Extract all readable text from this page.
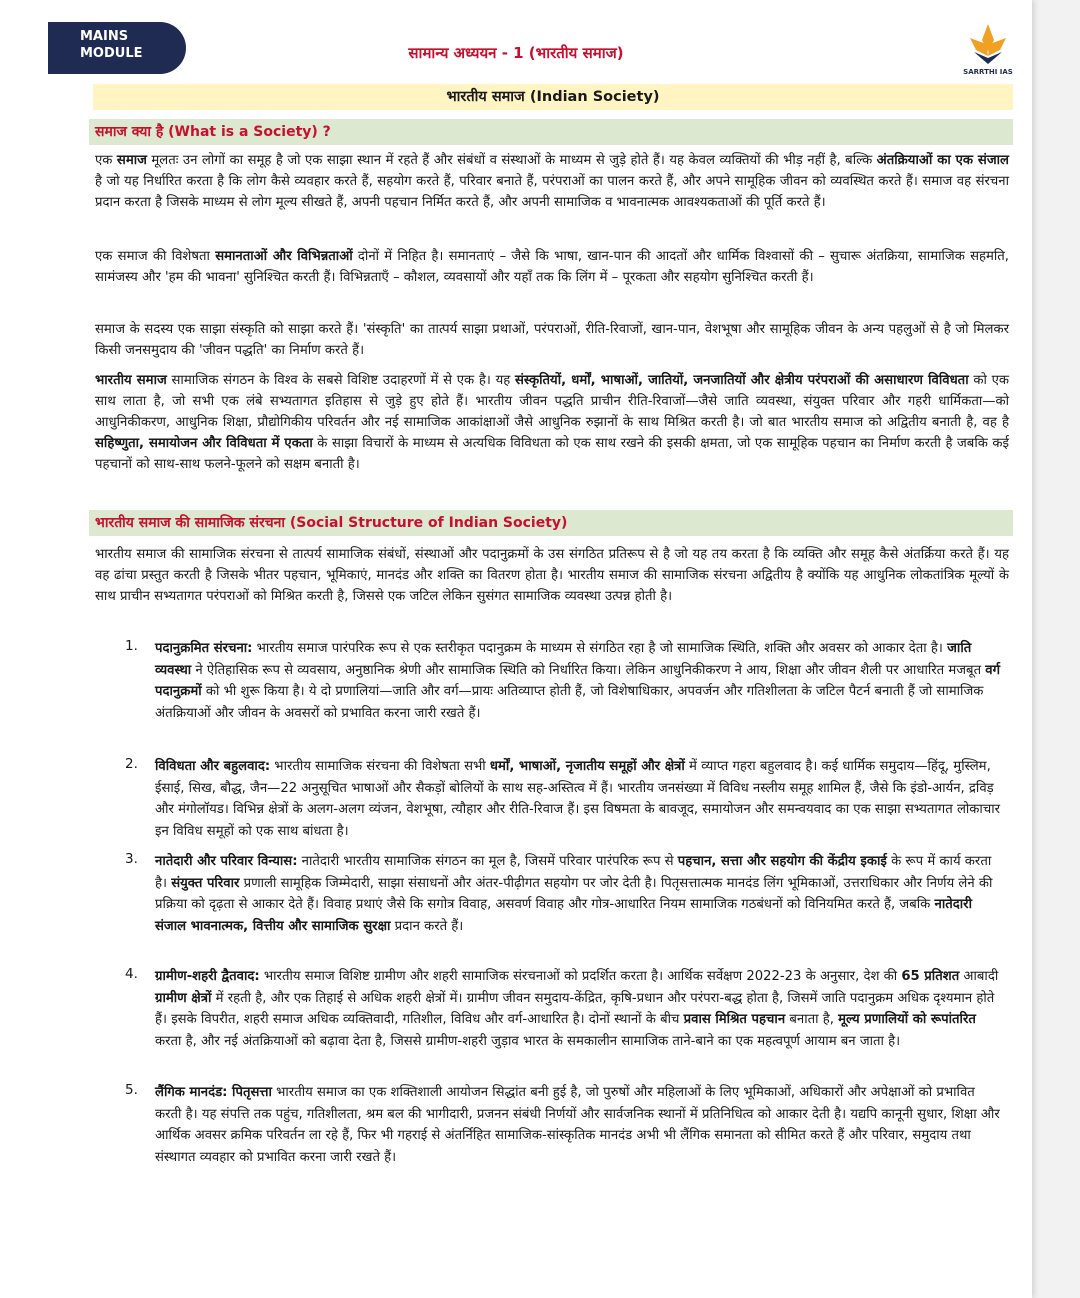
MAINS
MODULE	सामान्य अध्ययन - 1 (भारतीय समाज)
SARRTHI IAS
भारतीय समाज (Indian Society)
समाज क्या है (What is a Society) ?

एक समाज मूलतः उन लोगों का समूह है जो एक साझा स्थान में रहते हैं और संबंधों व संस्थाओं के माध्यम से जुड़े होते हैं। यह केवल व्यक्तियों की भीड़ नहीं है, बल्कि अंतक्रियाओं का एक संजाल है जो यह निर्धारित करता है कि लोग कैसे व्यवहार करते हैं, सहयोग करते हैं, परिवार बनाते हैं, परंपराओं का पालन करते हैं, और अपने सामूहिक जीवन को व्यवस्थित करते हैं। समाज वह संरचना प्रदान करता है जिसके माध्यम से लोग मूल्य सीखते हैं, अपनी पहचान निर्मित करते हैं, और अपनी सामाजिक व भावनात्मक आवश्यकताओं की पूर्ति करते हैं।

एक समाज की विशेषता समानताओं और विभिन्नताओं दोनों में निहित है। समानताएं – जैसे कि भाषा, खान-पान की आदतों और धार्मिक विश्वासों की – सुचारू अंतक्रिया, सामाजिक सहमति, सामंजस्य और 'हम की भावना' सुनिश्चित करती हैं। विभिन्नताएँ – कौशल, व्यवसायों और यहाँ तक कि लिंग में – पूरकता और सहयोग सुनिश्चित करती हैं।

समाज के सदस्य एक साझा संस्कृति को साझा करते हैं। 'संस्कृति' का तात्पर्य साझा प्रथाओं, परंपराओं, रीति-रिवाजों, खान-पान, वेशभूषा और सामूहिक जीवन के अन्य पहलुओं से है जो मिलकर किसी जनसमुदाय की 'जीवन पद्धति' का निर्माण करते हैं।

भारतीय समाज सामाजिक संगठन के विश्व के सबसे विशिष्ट उदाहरणों में से एक है। यह संस्कृतियों, धर्मों, भाषाओं, जातियों, जनजातियों और क्षेत्रीय परंपराओं की असाधारण विविधता को एक साथ लाता है, जो सभी एक लंबे सभ्यतागत इतिहास से जुड़े हुए होते हैं। भारतीय जीवन पद्धति प्राचीन रीति-रिवाजों—जैसे जाति व्यवस्था, संयुक्त परिवार और गहरी धार्मिकता—को आधुनिकीकरण, आधुनिक शिक्षा, प्रौद्योगिकीय परिवर्तन और नई सामाजिक आकांक्षाओं जैसे आधुनिक रुझानों के साथ मिश्रित करती है। जो बात भारतीय समाज को अद्वितीय बनाती है, वह है सहिष्णुता, समायोजन और विविधता में एकता के साझा विचारों के माध्यम से अत्यधिक विविधता को एक साथ रखने की इसकी क्षमता, जो एक सामूहिक पहचान का निर्माण करती है जबकि कई पहचानों को साथ-साथ फलने-फूलने को सक्षम बनाती है।

भारतीय समाज की सामाजिक संरचना (Social Structure of Indian Society)

भारतीय समाज की सामाजिक संरचना से तात्पर्य सामाजिक संबंधों, संस्थाओं और पदानुक्रमों के उस संगठित प्रतिरूप से है जो यह तय करता है कि व्यक्ति और समूह कैसे अंतर्क्रिया करते हैं। यह वह ढांचा प्रस्तुत करती है जिसके भीतर पहचान, भूमिकाएं, मानदंड और शक्ति का वितरण होता है। भारतीय समाज की सामाजिक संरचना अद्वितीय है क्योंकि यह आधुनिक लोकतांत्रिक मूल्यों के साथ प्राचीन सभ्यतागत परंपराओं को मिश्रित करती है, जिससे एक जटिल लेकिन सुसंगत सामाजिक व्यवस्था उत्पन्न होती है।

1.	पदानुक्रमित संरचना: भारतीय समाज पारंपरिक रूप से एक स्तरीकृत पदानुक्रम के माध्यम से संगठित रहा है जो सामाजिक स्थिति, शक्ति और अवसर को आकार देता है। जाति व्यवस्था ने ऐतिहासिक रूप से व्यवसाय, अनुष्ठानिक श्रेणी और सामाजिक स्थिति को निर्धारित किया। लेकिन आधुनिकीकरण ने आय, शिक्षा और जीवन शैली पर आधारित मजबूत वर्ग पदानुक्रमों को भी शुरू किया है। ये दो प्रणालियां—जाति और वर्ग—प्रायः अतिव्याप्त होती हैं, जो विशेषाधिकार, अपवर्जन और गतिशीलता के जटिल पैटर्न बनाती हैं जो सामाजिक अंतक्रियाओं और जीवन के अवसरों को प्रभावित करना जारी रखते हैं।

2.	विविधता और बहुलवाद: भारतीय सामाजिक संरचना की विशेषता सभी धर्मों, भाषाओं, नृजातीय समूहों और क्षेत्रों में व्याप्त गहरा बहुलवाद है। कई धार्मिक समुदाय—हिंदू, मुस्लिम, ईसाई, सिख, बौद्ध, जैन—22 अनुसूचित भाषाओं और सैकड़ों बोलियों के साथ सह-अस्तित्व में हैं। भारतीय जनसंख्या में विविध नस्लीय समूह शामिल हैं, जैसे कि इंडो-आर्यन, द्रविड़ और मंगोलॉयड। विभिन्न क्षेत्रों के अलग-अलग व्यंजन, वेशभूषा, त्यौहार और रीति-रिवाज हैं। इस विषमता के बावजूद, समायोजन और समन्वयवाद का एक साझा सभ्यतागत लोकाचार इन विविध समूहों को एक साथ बांधता है।

3.	नातेदारी और परिवार विन्यास: नातेदारी भारतीय सामाजिक संगठन का मूल है, जिसमें परिवार पारंपरिक रूप से पहचान, सत्ता और सहयोग की केंद्रीय इकाई के रूप में कार्य करता है। संयुक्त परिवार प्रणाली सामूहिक जिम्मेदारी, साझा संसाधनों और अंतर-पीढ़ीगत सहयोग पर जोर देती है। पितृसत्तात्मक मानदंड लिंग भूमिकाओं, उत्तराधिकार और निर्णय लेने की प्रक्रिया को दृढ़ता से आकार देते हैं। विवाह प्रथाएं जैसे कि सगोत्र विवाह, असवर्ण विवाह और गोत्र-आधारित नियम सामाजिक गठबंधनों को विनियमित करते हैं, जबकि नातेदारी संजाल भावनात्मक, वित्तीय और सामाजिक सुरक्षा प्रदान करते हैं।

4.	ग्रामीण-शहरी द्वैतवाद: भारतीय समाज विशिष्ट ग्रामीण और शहरी सामाजिक संरचनाओं को प्रदर्शित करता है। आर्थिक सर्वेक्षण 2022-23 के अनुसार, देश की 65 प्रतिशत आबादी ग्रामीण क्षेत्रों में रहती है, और एक तिहाई से अधिक शहरी क्षेत्रों में। ग्रामीण जीवन समुदाय-केंद्रित, कृषि-प्रधान और परंपरा-बद्ध होता है, जिसमें जाति पदानुक्रम अधिक दृश्यमान होते हैं। इसके विपरीत, शहरी समाज अधिक व्यक्तिवादी, गतिशील, विविध और वर्ग-आधारित है। दोनों स्थानों के बीच प्रवास मिश्रित पहचान बनाता है, मूल्य प्रणालियों को रूपांतरित करता है, और नई अंतक्रियाओं को बढ़ावा देता है, जिससे ग्रामीण-शहरी जुड़ाव भारत के समकालीन सामाजिक ताने-बाने का एक महत्वपूर्ण आयाम बन जाता है।

5.	लैंगिक मानदंड: पितृसत्ता भारतीय समाज का एक शक्तिशाली आयोजन सिद्धांत बनी हुई है, जो पुरुषों और महिलाओं के लिए भूमिकाओं, अधिकारों और अपेक्षाओं को प्रभावित करती है। यह संपत्ति तक पहुंच, गतिशीलता, श्रम बल की भागीदारी, प्रजनन संबंधी निर्णयों और सार्वजनिक स्थानों में प्रतिनिधित्व को आकार देती है। यद्यपि कानूनी सुधार, शिक्षा और आर्थिक अवसर क्रमिक परिवर्तन ला रहे हैं, फिर भी गहराई से अंतर्निहित सामाजिक-सांस्कृतिक मानदंड अभी भी लैंगिक समानता को सीमित करते हैं और परिवार, समुदाय तथा संस्थागत व्यवहार को प्रभावित करना जारी रखते हैं।
